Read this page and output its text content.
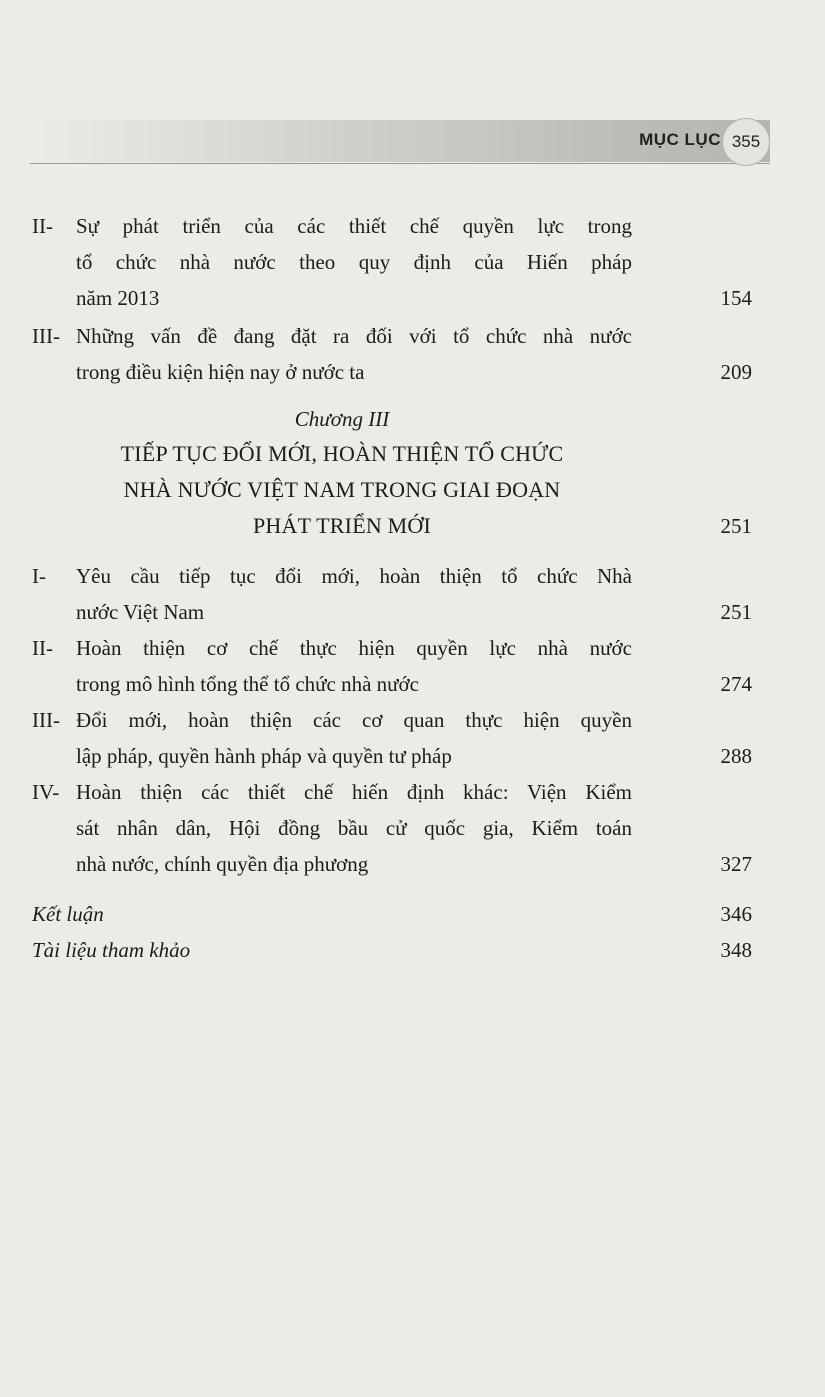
MỤC LỤC 355
II-	Sự phát triển của các thiết chế quyền lực trong
tổ chức nhà nước theo quy định của Hiến pháp
năm 2013	154
III- Những vấn đề đang đặt ra đối với tổ chức nhà nước
trong điều kiện hiện nay ở nước ta	209
Chương III
TIẾP TỤC ĐỔI MỚI, HOÀN THIỆN TỔ CHỨC
NHÀ NƯỚC VIỆT NAM TRONG GIAI ĐOẠN
PHÁT TRIỂN MỚI	251
I-	Yêu cầu tiếp tục đổi mới, hoàn thiện tổ chức Nhà
nước Việt Nam	251
II-	Hoàn thiện cơ chế thực hiện quyền lực nhà nước
trong mô hình tổng thể tổ chức nhà nước	274
III- Đổi mới, hoàn thiện các cơ quan thực hiện quyền
lập pháp, quyền hành pháp và quyền tư pháp	288
IV- Hoàn thiện các thiết chế hiến định khác: Viện Kiểm
sát nhân dân, Hội đồng bầu cử quốc gia, Kiểm toán
nhà nước, chính quyền địa phương	327
Kết luận	346
Tài liệu tham khảo	348
